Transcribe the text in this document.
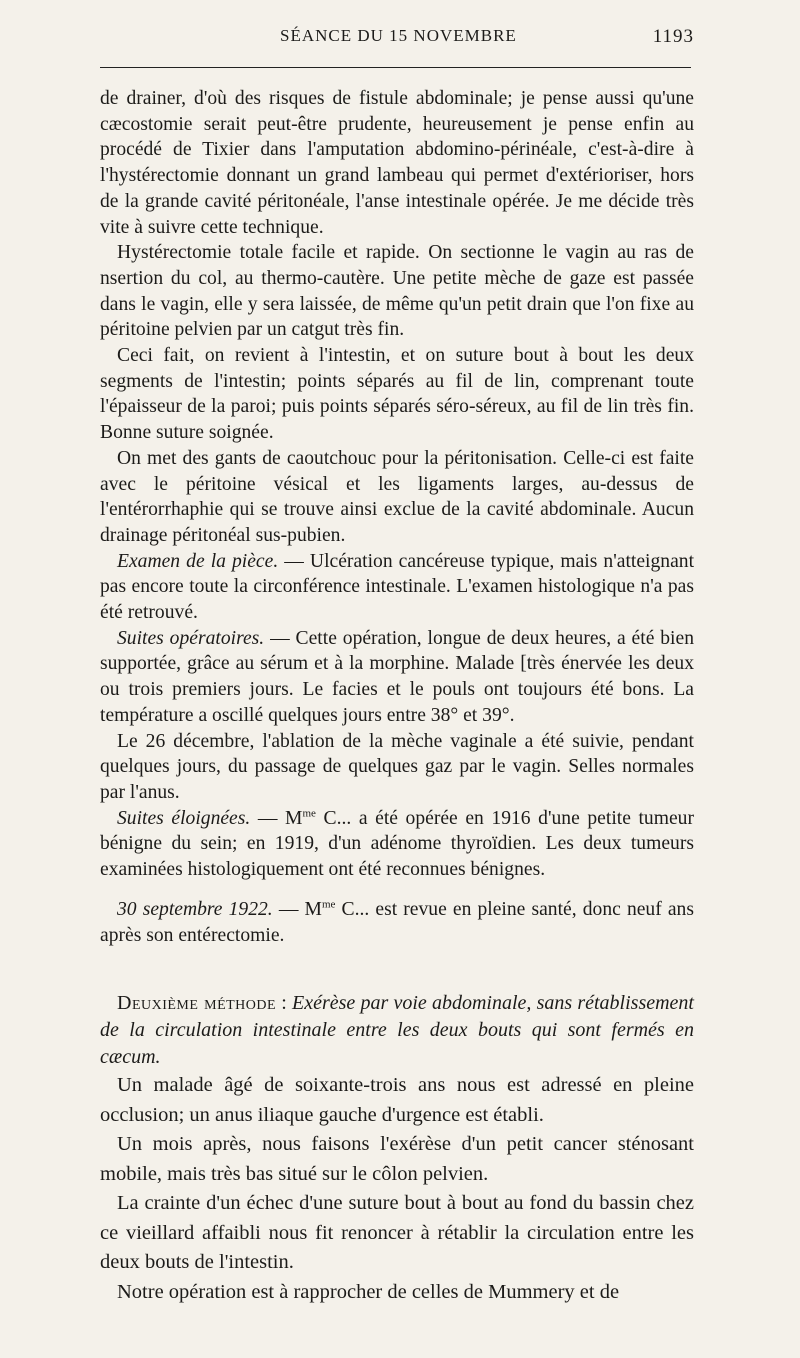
SÉANCE DU 15 NOVEMBRE	1193

de drainer, d'où des risques de fistule abdominale; je pense aussi qu'une cæcostomie serait peut-être prudente, heureusement je pense enfin au procédé de Tixier dans l'amputation abdomino-périnéale, c'est-à-dire à l'hystérectomie donnant un grand lambeau qui permet d'extérioriser, hors de la grande cavité péritonéale, l'anse intestinale opérée. Je me décide très vite à suivre cette technique.

Hystérectomie totale facile et rapide. On sectionne le vagin au ras de nsertion du col, au thermo-cautère. Une petite mèche de gaze est passée dans le vagin, elle y sera laissée, de même qu'un petit drain que l'on fixe au péritoine pelvien par un catgut très fin.

Ceci fait, on revient à l'intestin, et on suture bout à bout les deux segments de l'intestin; points séparés au fil de lin, comprenant toute l'épaisseur de la paroi; puis points séparés séro-séreux, au fil de lin très fin. Bonne suture soignée.

On met des gants de caoutchouc pour la péritonisation. Celle-ci est faite avec le péritoine vésical et les ligaments larges, au-dessus de l'entérorrhaphie qui se trouve ainsi exclue de la cavité abdominale. Aucun drainage péritonéal sus-pubien.

Examen de la pièce. — Ulcération cancéreuse typique, mais n'atteignant pas encore toute la circonférence intestinale. L'examen histologique n'a pas été retrouvé.

Suites opératoires. — Cette opération, longue de deux heures, a été bien supportée, grâce au sérum et à la morphine. Malade [très énervée les deux ou trois premiers jours. Le facies et le pouls ont toujours été bons. La température a oscillé quelques jours entre 38° et 39°.

Le 26 décembre, l'ablation de la mèche vaginale a été suivie, pendant quelques jours, du passage de quelques gaz par le vagin. Selles normales par l'anus.

Suites éloignées. — $M^{me}$ C... a été opérée en 1916 d'une petite tumeur bénigne du sein; en 1919, d'un adénome thyroïdien. Les deux tumeurs examinées histologiquement ont été reconnues bénignes.

30 septembre 1922. — $M^{me}$ C... est revue en pleine santé, donc neuf ans après son entérectomie.

Deuxième méthode : Exérèse par voie abdominale, sans rétablissement de la circulation intestinale entre les deux bouts qui sont fermés en cæcum.

Un malade âgé de soixante-trois ans nous est adressé en pleine occlusion; un anus iliaque gauche d'urgence est établi.

Un mois après, nous faisons l'exérèse d'un petit cancer sténosant mobile, mais très bas situé sur le côlon pelvien.

La crainte d'un échec d'une suture bout à bout au fond du bassin chez ce vieillard affaibli nous fit renoncer à rétablir la circulation entre les deux bouts de l'intestin.

Notre opération est à rapprocher de celles de Mummery et de
